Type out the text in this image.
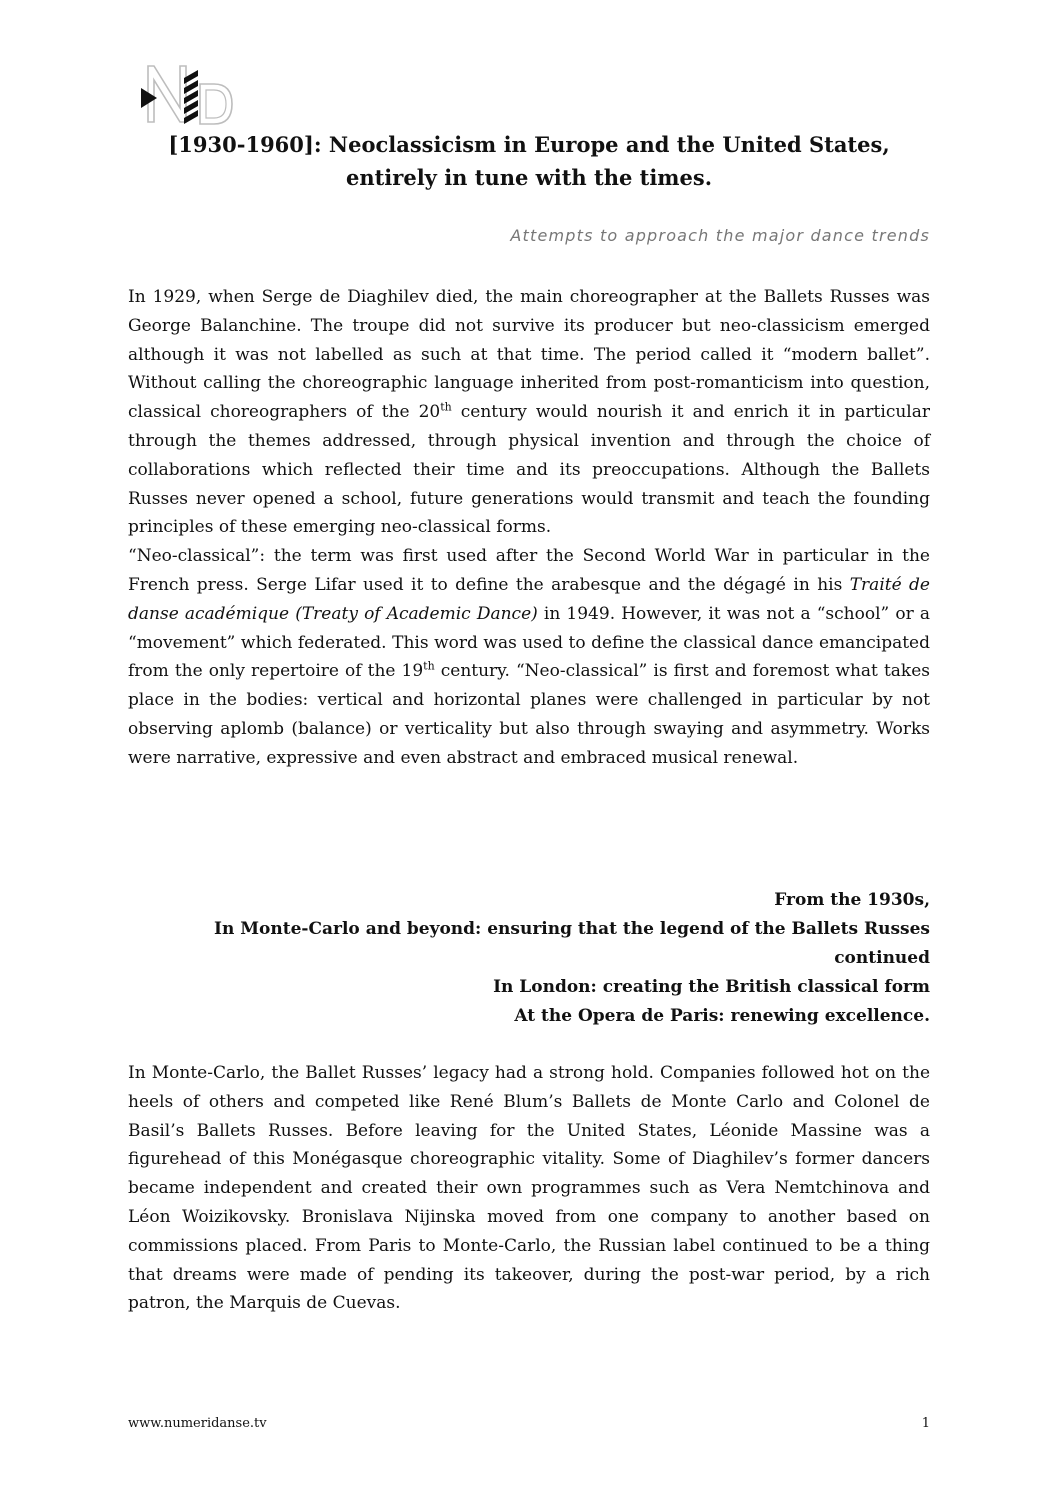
[1930-1960]: Neoclassicism in Europe and the United States,
entirely in tune with the times.
Attempts to approach the major dance trends

In 1929, when Serge de Diaghilev died, the main choreographer at the Ballets Russes was George Balanchine. The troupe did not survive its producer but neo-classicism emerged although it was not labelled as such at that time. The period called it “modern ballet”. Without calling the choreographic language inherited from post-romanticism into question, classical choreographers of the 20th century would nourish it and enrich it in particular through the themes addressed, through physical invention and through the choice of collaborations which reflected their time and its preoccupations. Although the Ballets Russes never opened a school, future generations would transmit and teach the founding principles of these emerging neo-classical forms.

“Neo-classical”: the term was first used after the Second World War in particular in the French press. Serge Lifar used it to define the arabesque and the dégagé in his Traité de danse académique (Treaty of Academic Dance) in 1949. However, it was not a “school” or a “movement” which federated. This word was used to define the classical dance emancipated from the only repertoire of the 19th century. “Neo-classical” is first and foremost what takes place in the bodies: vertical and horizontal planes were challenged in particular by not observing aplomb (balance) or verticality but also through swaying and asymmetry. Works were narrative, expressive and even abstract and embraced musical renewal.

From the 1930s,
In Monte-Carlo and beyond: ensuring that the legend of the Ballets Russes continued
In London: creating the British classical form
At the Opera de Paris: renewing excellence.

In Monte-Carlo, the Ballet Russes’ legacy had a strong hold. Companies followed hot on the heels of others and competed like René Blum’s Ballets de Monte Carlo and Colonel de Basil’s Ballets Russes. Before leaving for the United States, Léonide Massine was a figurehead of this Monégasque choreographic vitality. Some of Diaghilev’s former dancers became independent and created their own programmes such as Vera Nemtchinova and Léon Woizikovsky. Bronislava Nijinska moved from one company to another based on commissions placed. From Paris to Monte-Carlo, the Russian label continued to be a thing that dreams were made of pending its takeover, during the post-war period, by a rich patron, the Marquis de Cuevas.

www.numeridanse.tv	1
